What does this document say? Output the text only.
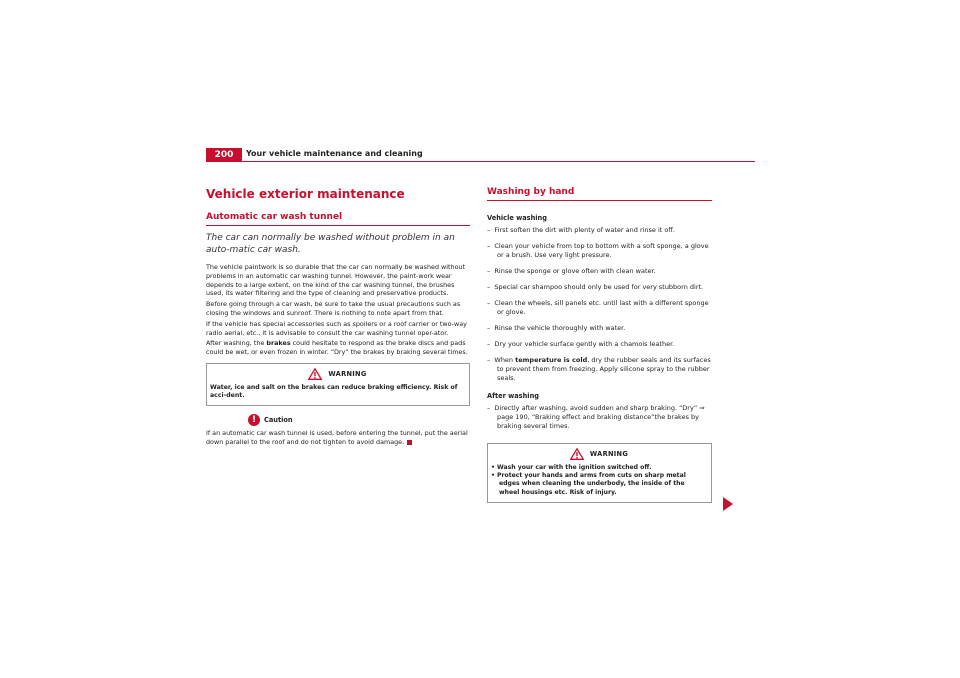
200	Your vehicle maintenance and cleaning
Vehicle exterior maintenance
Automatic car wash tunnel
The car can normally be washed without problem in an auto-matic car wash.

The vehicle paintwork is so durable that the car can normally be washed without problems in an automatic car washing tunnel. However, the paint-work wear depends to a large extent, on the kind of the car washing tunnel, the brushes used, its water filtering and the type of cleaning and preservative products.

Before going through a car wash, be sure to take the usual precautions such as closing the windows and sunroof. There is nothing to note apart from that.

If the vehicle has special accessories such as spoilers or a roof carrier or two-way radio aerial, etc., it is advisable to consult the car washing tunnel oper-ator.

After washing, the brakes could hesitate to respond as the brake discs and pads could be wet, or even frozen in winter. “Dry” the brakes by braking several times.

WARNING
Water, ice and salt on the brakes can reduce braking efficiency. Risk of acci-dent.
!	Caution

If an automatic car wash tunnel is used, before entering the tunnel, put the aerial down parallel to the roof and do not tighten to avoid damage.

Washing by hand
Vehicle washing
–  First soften the dirt with plenty of water and rinse it off.
–  Clean your vehicle from top to bottom with a soft sponge, a glove or a brush. Use very light pressure.
–  Rinse the sponge or glove often with clean water.
–  Special car shampoo should only be used for very stubborn dirt.
–  Clean the wheels, sill panels etc. until last with a different sponge or glove.
–  Rinse the vehicle thoroughly with water.
–  Dry your vehicle surface gently with a chamois leather.
–  When temperature is cold, dry the rubber seals and its surfaces to prevent them from freezing. Apply silicone spray to the rubber seals.
After washing
–  Directly after washing, avoid sudden and sharp braking. “Dry” ⇒ page 190, “Braking effect and braking distance”the brakes by braking several times.
WARNING
• Wash your car with the ignition switched off.
• Protect your hands and arms from cuts on sharp metal edges when cleaning the underbody, the inside of the wheel housings etc. Risk of injury.
